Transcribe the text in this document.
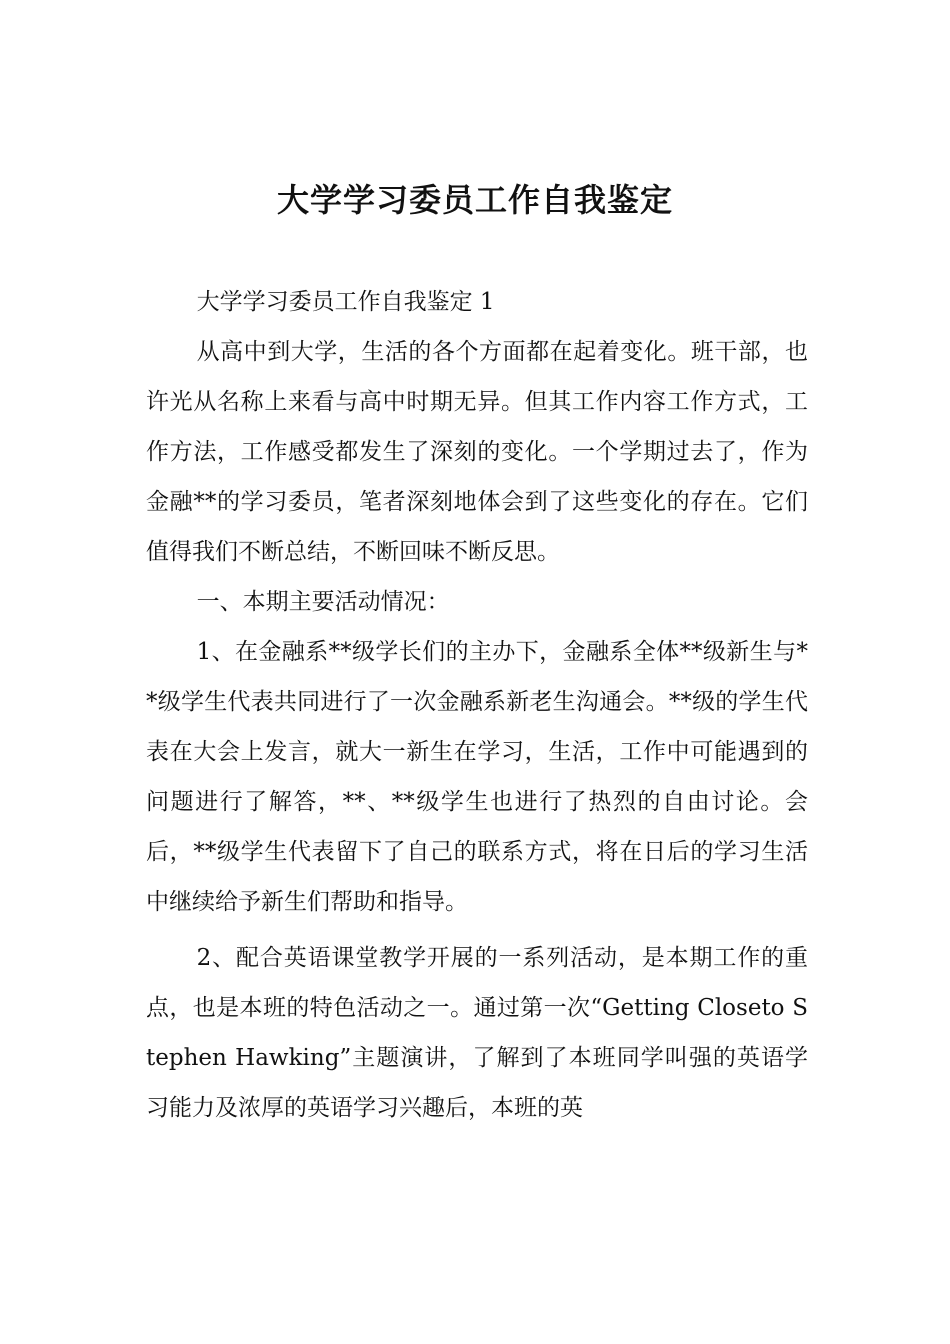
大学学习委员工作自我鉴定

大学学习委员工作自我鉴定 1

从高中到大学，生活的各个方面都在起着变化。班干部，也许光从名称上来看与高中时期无异。但其工作内容工作方式，工作方法，工作感受都发生了深刻的变化。一个学期过去了，作为金融**的学习委员，笔者深刻地体会到了这些变化的存在。它们值得我们不断总结，不断回味不断反思。

一、本期主要活动情况：

1、在金融系**级学长们的主办下，金融系全体**级新生与**级学生代表共同进行了一次金融系新老生沟通会。**级的学生代表在大会上发言，就大一新生在学习，生活，工作中可能遇到的问题进行了解答，**、**级学生也进行了热烈的自由讨论。会后，**级学生代表留下了自己的联系方式，将在日后的学习生活中继续给予新生们帮助和指导。

2、配合英语课堂教学开展的一系列活动，是本期工作的重点，也是本班的特色活动之一。通过第一次“Getting Closeto Stephen Hawking”主题演讲，了解到了本班同学叫强的英语学习能力及浓厚的英语学习兴趣后，本班的英
